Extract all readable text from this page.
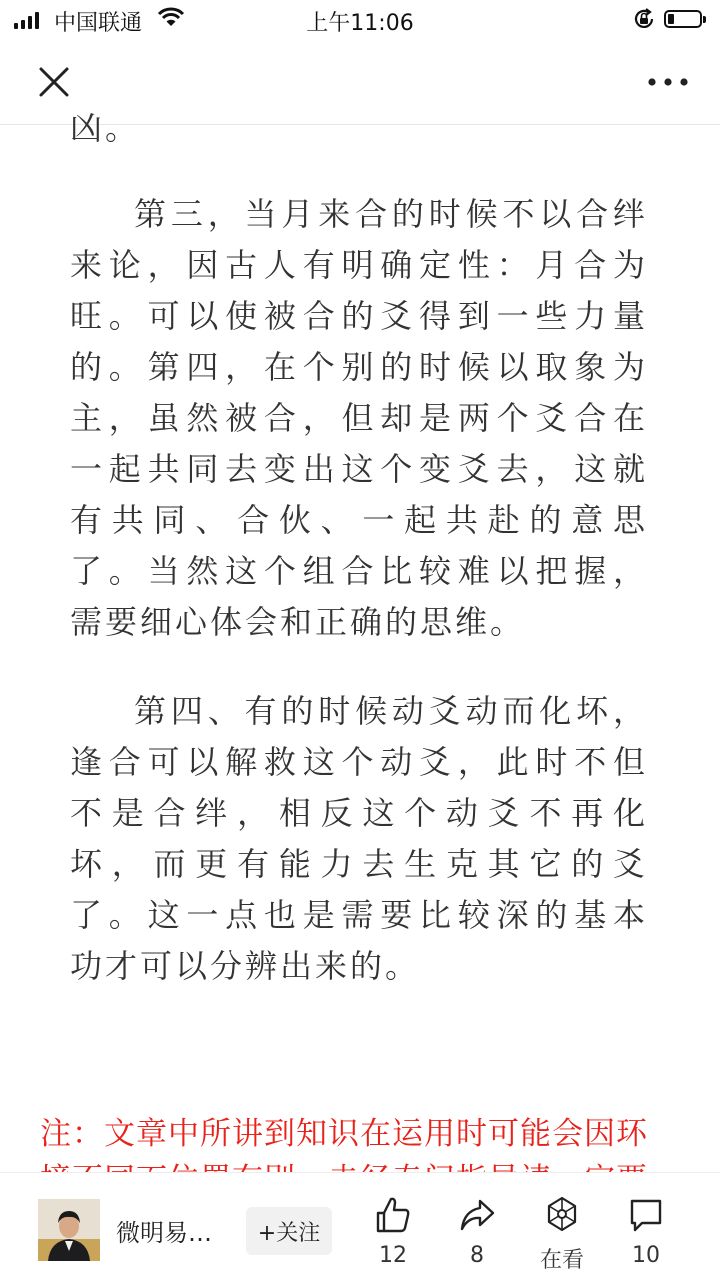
中国联通	上午11:06
凶。
第三，当月来合的时候不以合绊
来论，因古人有明确定性：月合为
旺。可以使被合的爻得到一些力量
的。第四，在个别的时候以取象为
主，虽然被合，但却是两个爻合在
一起共同去变出这个变爻去，这就
有共同、合伙、一起共赴的意思
了。当然这个组合比较难以把握，
需要细心体会和正确的思维。
第四、有的时候动爻动而化坏，
逢合可以解救这个动爻，此时不但
不是合绊，相反这个动爻不再化
坏，而更有能力去生克其它的爻
了。这一点也是需要比较深的基本
功才可以分辨出来的。
注：文章中所讲到知识在运用时可能会因环
微明易…	+关注
12	8	在看	10
